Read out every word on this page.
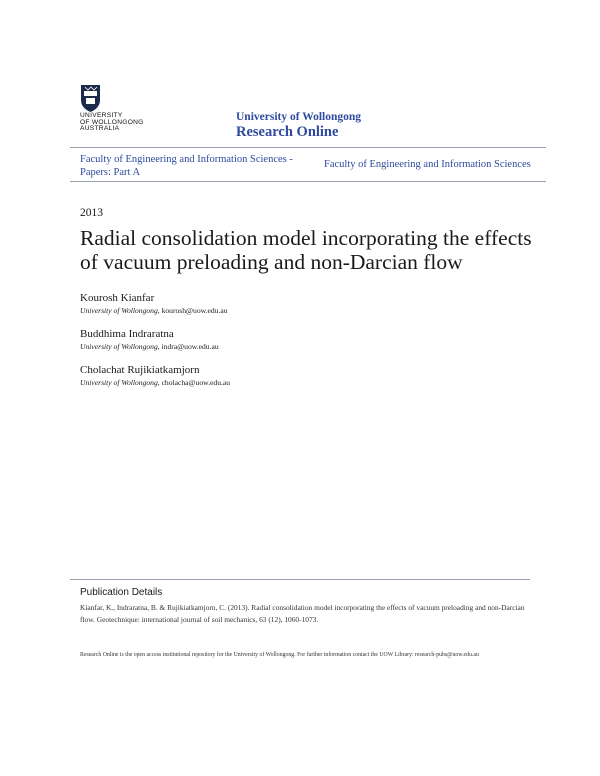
UNIVERSITY
OF WOLLONGONG
AUSTRALIA
University of Wollongong
Research Online
Faculty of Engineering and Information Sciences - Papers: Part A
Faculty of Engineering and Information Sciences
2013
Radial consolidation model incorporating the effects of vacuum preloading and non-Darcian flow
Kourosh Kianfar
University of Wollongong, kourosh@uow.edu.au
Buddhima Indraratna
University of Wollongong, indra@uow.edu.au
Cholachat Rujikiatkamjorn
University of Wollongong, cholacha@uow.edu.au
Publication Details
Kianfar, K., Indraratna, B. & Rujikiatkamjorn, C. (2013). Radial consolidation model incorporating the effects of vacuum preloading and non-Darcian flow. Geotechnique: international journal of soil mechanics, 63 (12), 1060-1073.
Research Online is the open access institutional repository for the University of Wollongong. For further information contact the UOW Library: research-pubs@uow.edu.au
